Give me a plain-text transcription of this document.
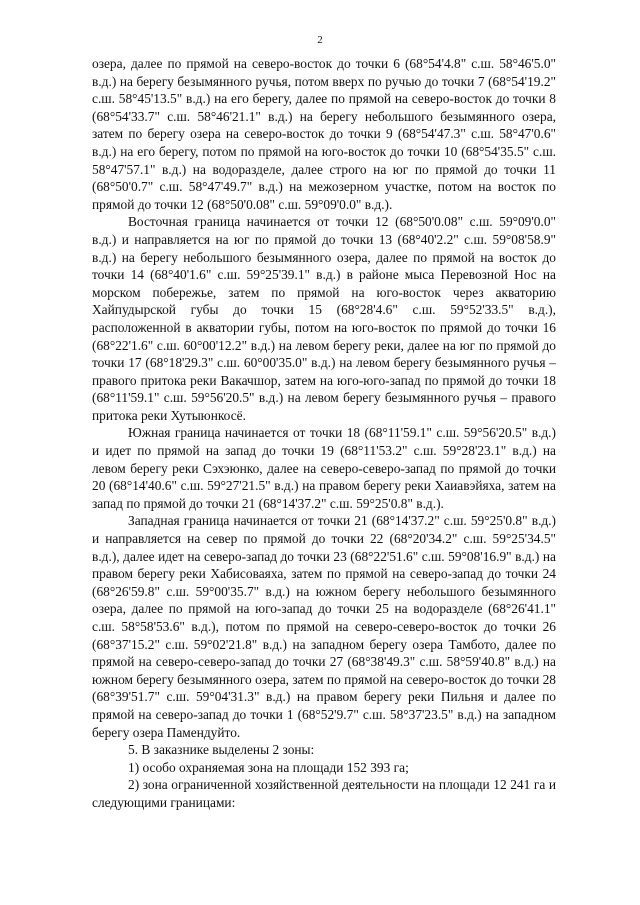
2

озера, далее по прямой на северо-восток до точки 6 (68°54'4.8" с.ш. 58°46'5.0" в.д.) на берегу безымянного ручья, потом вверх по ручью до точки 7 (68°54'19.2" с.ш. 58°45'13.5" в.д.) на его берегу, далее по прямой на северо-восток до точки 8 (68°54'33.7" с.ш. 58°46'21.1" в.д.) на берегу небольшого безымянного озера, затем по берегу озера на северо-восток до точки 9 (68°54'47.3" с.ш. 58°47'0.6" в.д.) на его берегу, потом по прямой на юго-восток до точки 10 (68°54'35.5" с.ш. 58°47'57.1" в.д.) на водоразделе, далее строго на юг по прямой до точки 11 (68°50'0.7" с.ш. 58°47'49.7" в.д.) на межозерном участке, потом на восток по прямой до точки 12 (68°50'0.08" с.ш. 59°09'0.0" в.д.).

Восточная граница начинается от точки 12 (68°50'0.08" с.ш. 59°09'0.0" в.д.) и направляется на юг по прямой до точки 13 (68°40'2.2" с.ш. 59°08'58.9" в.д.) на берегу небольшого безымянного озера, далее по прямой на восток до точки 14 (68°40'1.6" с.ш. 59°25'39.1" в.д.) в районе мыса Перевозной Нос на морском побережье, затем по прямой на юго-восток через акваторию Хайпудырской губы до точки 15 (68°28'4.6" с.ш. 59°52'33.5" в.д.), расположенной в акватории губы, потом на юго-восток по прямой до точки 16 (68°22'1.6" с.ш. 60°00'12.2" в.д.) на левом берегу реки, далее на юг по прямой до точки 17 (68°18'29.3" с.ш. 60°00'35.0" в.д.) на левом берегу безымянного ручья – правого притока реки Вакачшор, затем на юго-юго-запад по прямой до точки 18 (68°11'59.1" с.ш. 59°56'20.5" в.д.) на левом берегу безымянного ручья – правого притока реки Хутыюнкосё.

Южная граница начинается от точки 18 (68°11'59.1" с.ш. 59°56'20.5" в.д.) и идет по прямой на запад до точки 19 (68°11'53.2" с.ш. 59°28'23.1" в.д.) на левом берегу реки Сэхэюнко, далее на северо-северо-запад по прямой до точки 20 (68°14'40.6" с.ш. 59°27'21.5" в.д.) на правом берегу реки Хаиавэйяха, затем на запад по прямой до точки 21 (68°14'37.2" с.ш. 59°25'0.8" в.д.).

Западная граница начинается от точки 21 (68°14'37.2" с.ш. 59°25'0.8" в.д.) и направляется на север по прямой до точки 22 (68°20'34.2" с.ш. 59°25'34.5" в.д.), далее идет на северо-запад до точки 23 (68°22'51.6" с.ш. 59°08'16.9" в.д.) на правом берегу реки Хабисоваяха, затем по прямой на северо-запад до точки 24 (68°26'59.8" с.ш. 59°00'35.7" в.д.) на южном берегу небольшого безымянного озера, далее по прямой на юго-запад до точки 25 на водоразделе (68°26'41.1" с.ш. 58°58'53.6" в.д.), потом по прямой на северо-северо-восток до точки 26 (68°37'15.2" с.ш. 59°02'21.8" в.д.) на западном берегу озера Тамбото, далее по прямой на северо-северо-запад до точки 27 (68°38'49.3" с.ш. 58°59'40.8" в.д.) на южном берегу безымянного озера, затем по прямой на северо-восток до точки 28 (68°39'51.7" с.ш. 59°04'31.3" в.д.) на правом берегу реки Пильня и далее по прямой на северо-запад до точки 1 (68°52'9.7" с.ш. 58°37'23.5" в.д.) на западном берегу озера Памендуйто.

5. В заказнике выделены 2 зоны:

1) особо охраняемая зона на площади 152 393 га;

2) зона ограниченной хозяйственной деятельности на площади 12 241 га и следующими границами:
